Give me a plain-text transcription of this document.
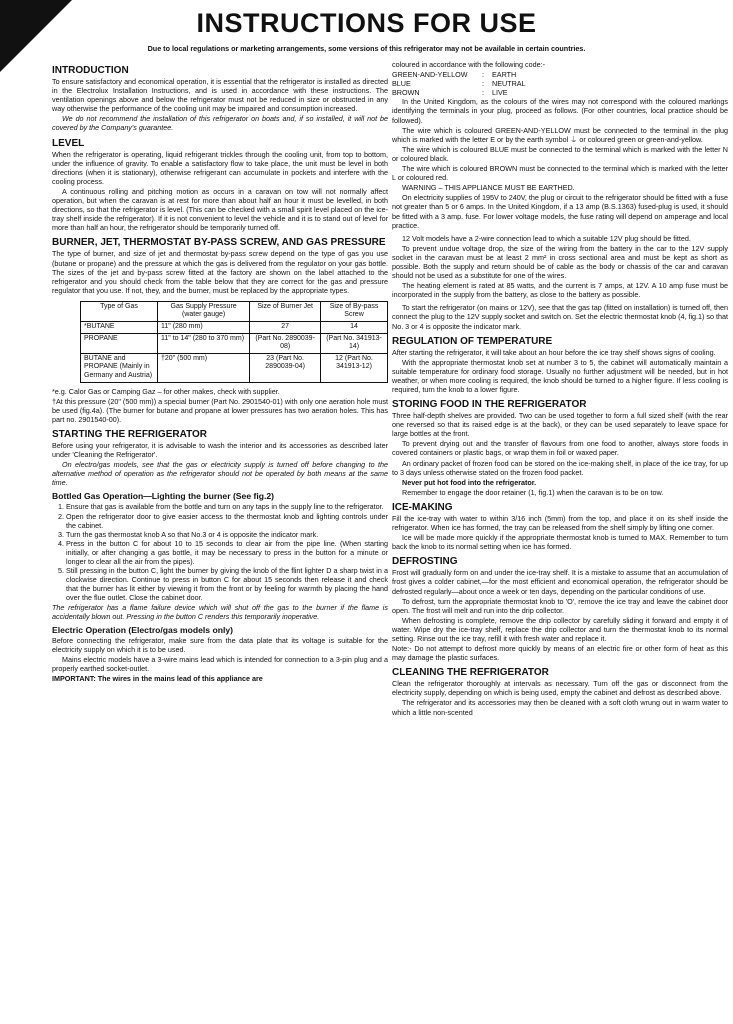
INSTRUCTIONS FOR USE
Due to local regulations or marketing arrangements, some versions of this refrigerator may not be available in certain countries.
INTRODUCTION

To ensure satisfactory and economical operation, it is essential that the refrigerator is installed as directed in the Electrolux Installation Instructions, and is used in accordance with these instructions. The ventilation openings above and below the refrigerator must not be reduced in size or obstructed in any way otherwise the performance of the cooling unit may be impaired and consumption increased.

We do not recommend the installation of this refrigerator on boats and, if so installed, it will not be covered by the Company's guarantee.

LEVEL

When the refrigerator is operating, liquid refrigerant trickles through the cooling unit, from top to bottom, under the influence of gravity. To enable a satisfactory flow to take place, the unit must be level in both directions (when it is stationary), otherwise refrigerant can accumulate in pockets and interfere with the cooling process.

A continuous rolling and pitching motion as occurs in a caravan on tow will not normally affect operation, but when the caravan is at rest for more than about half an hour it must be levelled, in both directions, so that the refrigerator is level. (This can be checked with a small spirit level placed on the ice-tray shelf inside the refrigerator). If it is not convenient to level the vehicle and it is to stand out of level for more than half an hour, the refrigerator should be temporarily turned off.

BURNER, JET, THERMOSTAT BY-PASS SCREW, AND GAS PRESSURE

The type of burner, and size of jet and thermostat by-pass screw depend on the type of gas you use (butane or propane) and the pressure at which the gas is delivered from the regulator on your gas bottle. The sizes of the jet and by-pass screw fitted at the factory are shown on the label attached to the refrigerator and you should check from the table below that they are correct for the gas and pressure regulator that you use. If not, they, and the burner, must be replaced by the appropriate types.

Type of Gas	Gas Supply Pressure (water gauge)	Size of Burner Jet	Size of By-pass Screw
*BUTANE	11" (280 mm)	27	14
PROPANE	11" to 14" (280 to 370 mm)	(Part No. 2890039-08)	(Part No. 341913-14)
BUTANE and PROPANE (Mainly in Germany and Austria)	†20" (500 mm)	23 (Part No. 2890039-04)	12 (Part No. 341913-12)

*e.g. Calor Gas or Camping Gaz – for other makes, check with supplier.

†At this pressure (20" (500 mm)) a special burner (Part No. 2901540-01) with only one aeration hole must be used (fig.4a). (The burner for butane and propane at lower pressures has two aeration holes. This has part no. 2901540-00).

STARTING THE REFRIGERATOR

Before using your refrigerator, it is advisable to wash the interior and its accessories as described later under 'Cleaning the Refrigerator'.

On electro/gas models, see that the gas or electricity supply is turned off before changing to the alternative method of operation as the refrigerator should not be operated by both means at the same time.

Bottled Gas Operation—Lighting the burner (See fig.2)
1. Ensure that gas is available from the bottle and turn on any taps in the supply line to the refrigerator.
2. Open the refrigerator door to give easier access to the thermostat knob and lighting controls under the cabinet.
3. Turn the gas thermostat knob A so that No.3 or 4 is opposite the indicator mark.
4. Press in the button C for about 10 to 15 seconds to clear air from the pipe line. (When starting initially, or after changing a gas bottle, it may be necessary to press in the button for a minute or longer to clear all the air from the pipes).
5. Still pressing in the button C, light the burner by giving the knob of the flint lighter D a sharp twist in a clockwise direction. Continue to press in button C for about 15 seconds then release it and check that the burner has lit either by viewing it from the front or by feeling for warmth by placing the hand over the flue outlet. Close the cabinet door.

The refrigerator has a flame failure device which will shut off the gas to the burner if the flame is accidentally blown out. Pressing in the button C renders this temporarily inoperative.

Electric Operation (Electro/gas models only)

Before connecting the refrigerator, make sure from the data plate that its voltage is suitable for the electricity supply on which it is to be used.

Mains electric models have a 3-wire mains lead which is intended for connection to a 3-pin plug and a properly earthed socket-outlet.

IMPORTANT: The wires in the mains lead of this appliance are

coloured in accordance with the following code:-

GREEN-AND-YELLOW	:	EARTH
BLUE	:	NEUTRAL
BROWN	:	LIVE

In the United Kingdom, as the colours of the wires may not correspond with the coloured markings identifying the terminals in your plug, proceed as follows. (For other countries, local practice should be followed).

The wire which is coloured GREEN-AND-YELLOW must be connected to the terminal in the plug which is marked with the letter E or by the earth symbol ⏚ or coloured green or green-and-yellow.

The wire which is coloured BLUE must be connected to the terminal which is marked with the letter N or coloured black.

The wire which is coloured BROWN must be connected to the terminal which is marked with the letter L or coloured red.

WARNING – THIS APPLIANCE MUST BE EARTHED.

On electricity supplies of 195V to 240V, the plug or circuit to the refrigerator should be fitted with a fuse not greater than 5 or 6 amps. In the United Kingdom, if a 13 amp (B.S.1363) fused-plug is used, it should be fitted with a 3 amp. fuse. For lower voltage models, the fuse rating will depend on amperage and local practice.

12 Volt models have a 2-wire connection lead to which a suitable 12V plug should be fitted.

To prevent undue voltage drop, the size of the wiring from the battery in the car to the 12V supply socket in the caravan must be at least 2 mm² in cross sectional area and must be kept as short as possible. Both the supply and return should be of cable as the body or chassis of the car and caravan should not be used as a substitute for one of the wires.

The heating element is rated at 85 watts, and the current is 7 amps, at 12V. A 10 amp fuse must be incorporated in the supply from the battery, as close to the battery as possible.

To start the refrigerator (on mains or 12V), see that the gas tap (fitted on installation) is turned off, then connect the plug to the 12V supply socket and switch on. Set the electric thermostat knob (4, fig.1) so that No. 3 or 4 is opposite the indicator mark.

REGULATION OF TEMPERATURE

After starting the refrigerator, it will take about an hour before the ice tray shelf shows signs of cooling.

With the appropriate thermostat knob set at number 3 to 5, the cabinet will automatically maintain a suitable temperature for ordinary food storage. Usually no further adjustment will be needed, but in hot weather, or when more cooling is required, the knob should be turned to a higher figure. If less cooling is required, turn the knob to a lower figure.

STORING FOOD IN THE REFRIGERATOR

Three half-depth shelves are provided. Two can be used together to form a full sized shelf (with the rear one reversed so that its raised edge is at the back), or they can be used separately to leave space for large bottles at the front.

To prevent drying out and the transfer of flavours from one food to another, always store foods in covered containers or plastic bags, or wrap them in foil or waxed paper.

An ordinary packet of frozen food can be stored on the ice-making shelf, in place of the ice tray, for up to 3 days unless otherwise stated on the frozen food packet.

Never put hot food into the refrigerator.

Remember to engage the door retainer (1, fig.1) when the caravan is to be on tow.

ICE-MAKING

Fill the ice-tray with water to within 3/16 inch (5mm) from the top, and place it on its shelf inside the refrigerator. When ice has formed, the tray can be released from the shelf simply by lifting one corner.

Ice will be made more quickly if the appropriate thermostat knob is turned to MAX. Remember to turn back the knob to its normal setting when ice has formed.

DEFROSTING

Frost will gradually form on and under the ice-tray shelf. It is a mistake to assume that an accumulation of frost gives a colder cabinet,—for the most efficient and economical operation, the refrigerator should be defrosted regularly—about once a week or ten days, depending on the particular conditions of use.

To defrost, turn the appropriate thermostat knob to 'O', remove the ice tray and leave the cabinet door open. The frost will melt and run into the drip collector.

When defrosting is complete, remove the drip collector by carefully sliding it forward and empty it of water. Wipe dry the ice-tray shelf, replace the drip collector and turn the thermostat knob to its normal setting. Rinse out the ice tray, refill it with fresh water and replace it.

Note:- Do not attempt to defrost more quickly by means of an electric fire or other form of heat as this may damage the plastic surfaces.

CLEANING THE REFRIGERATOR

Clean the refrigerator thoroughly at intervals as necessary. Turn off the gas or disconnect from the electricity supply, depending on which is being used, empty the cabinet and defrost as described above.

The refrigerator and its accessories may then be cleaned with a soft cloth wrung out in warm water to which a little non-scented
